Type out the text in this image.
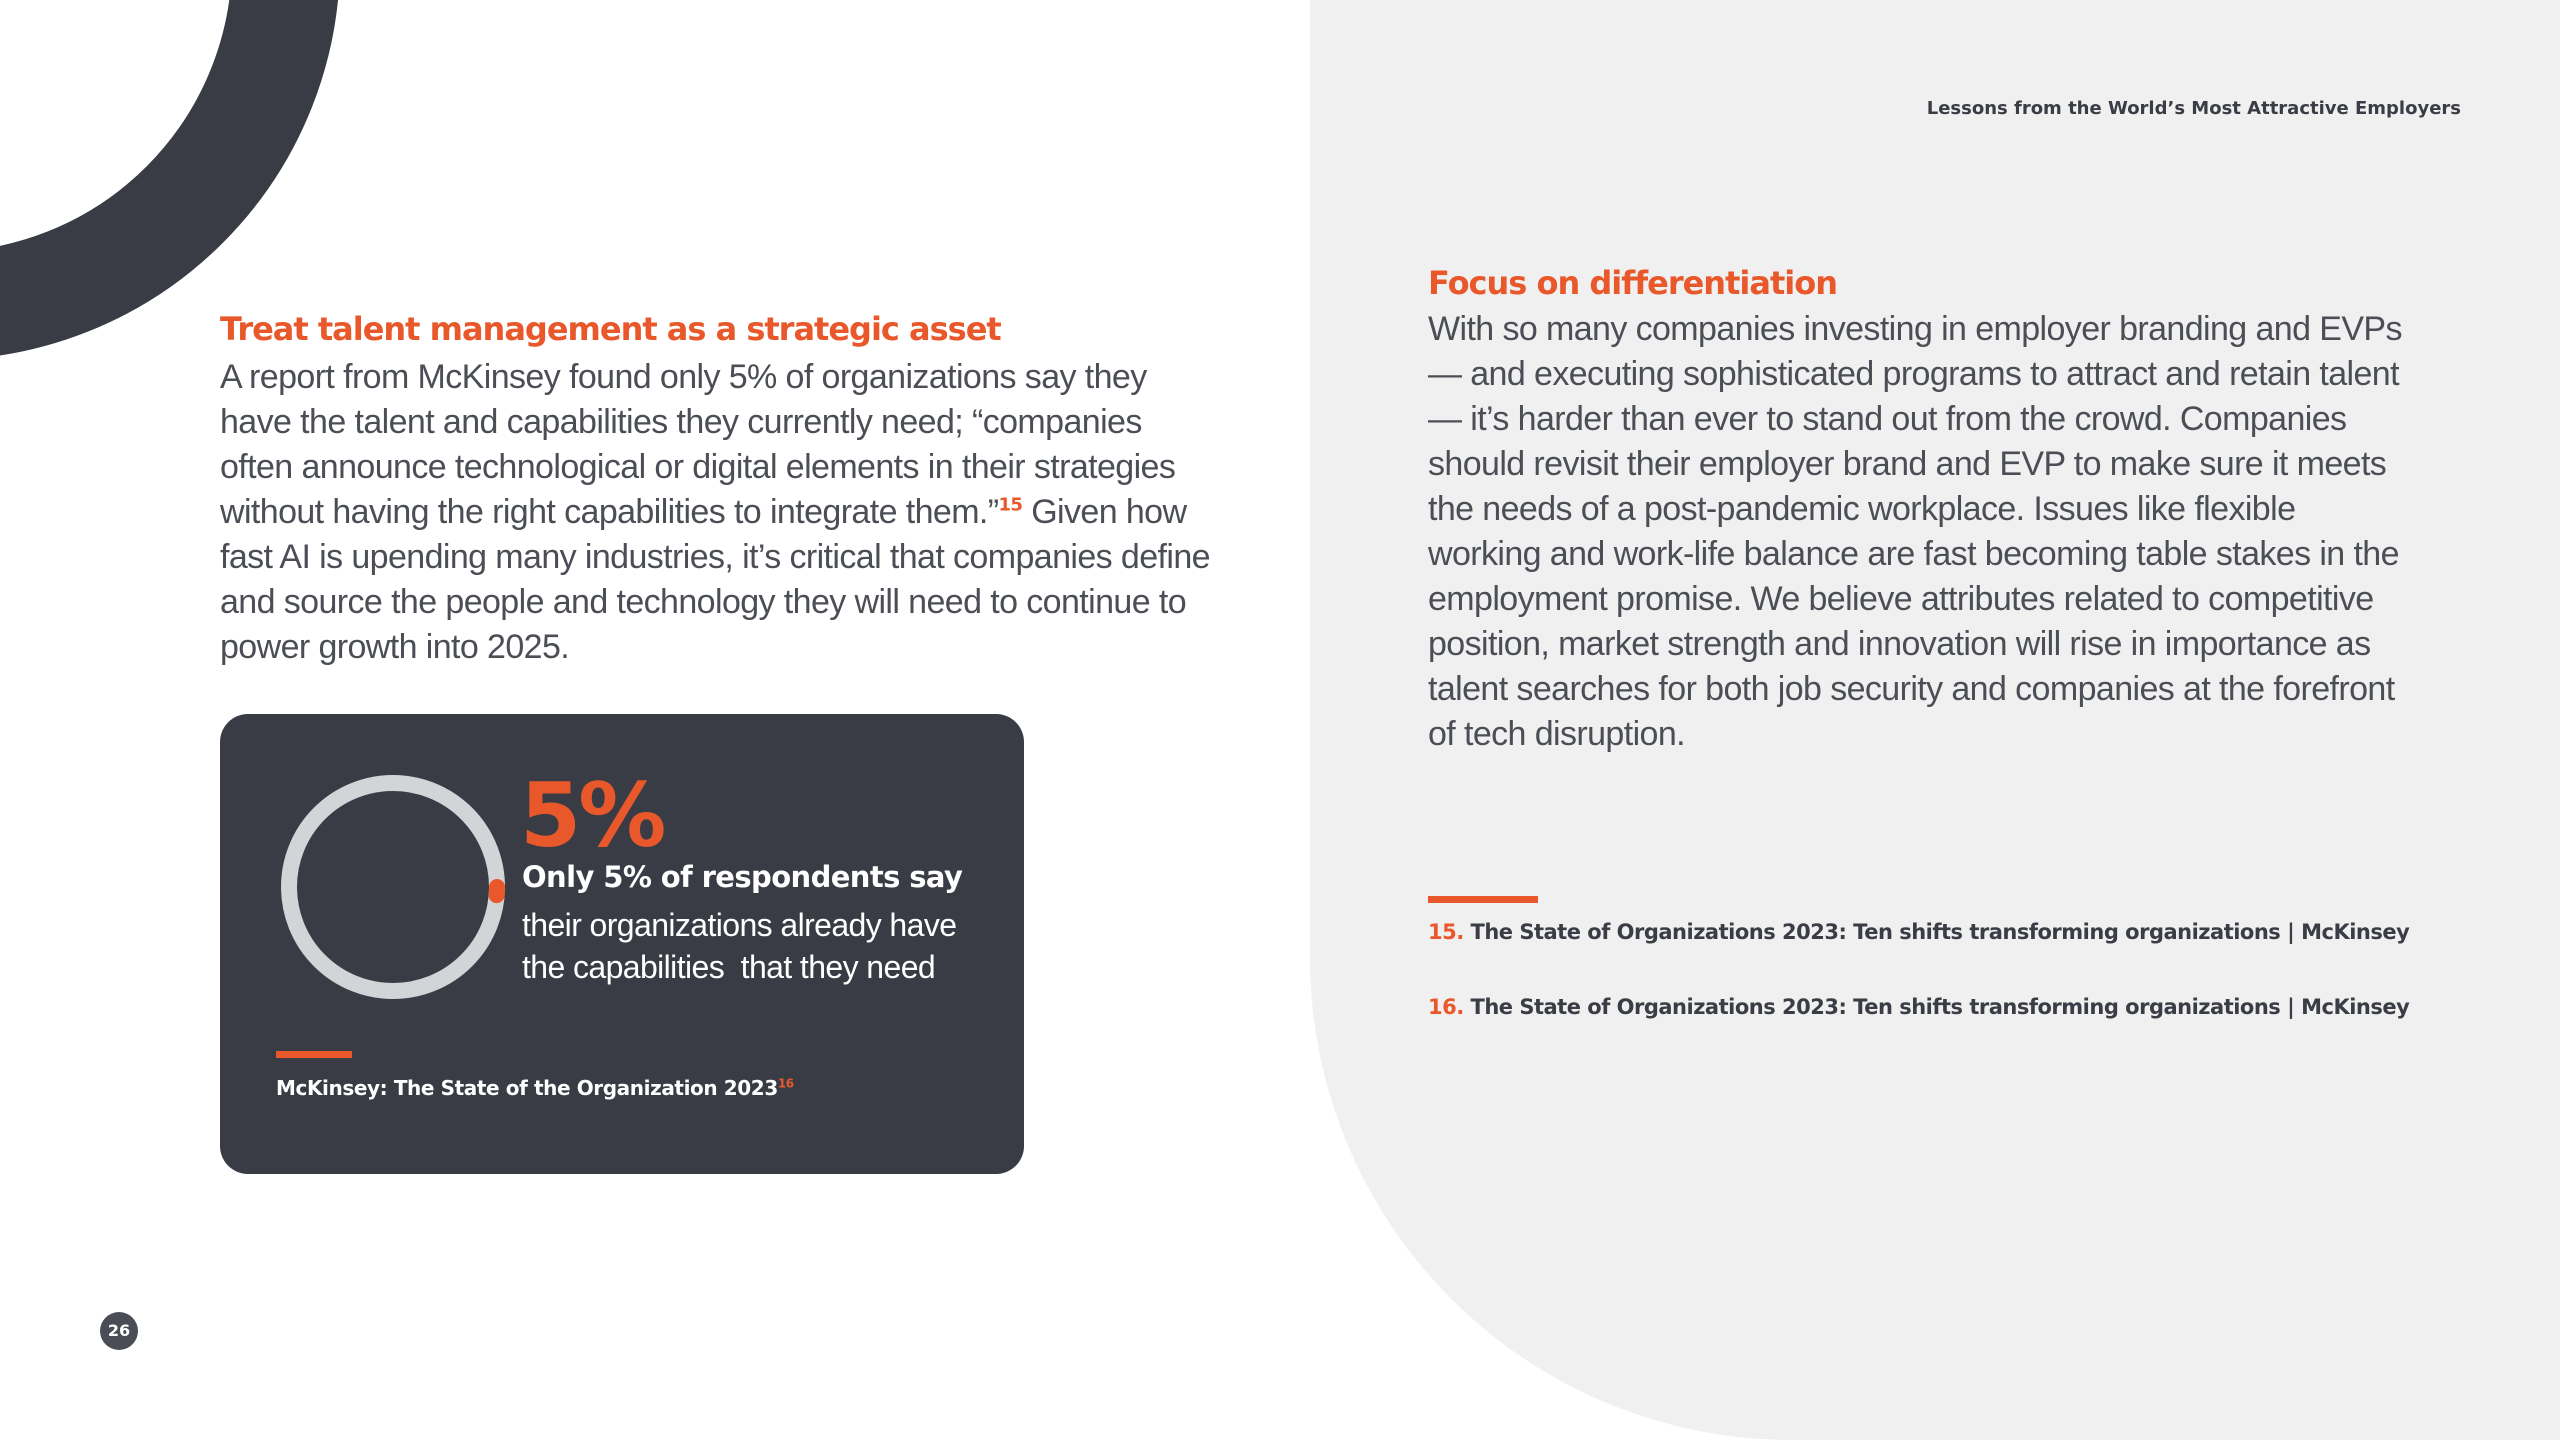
Lessons from the World’s Most Attractive Employers

Treat talent management as a strategic asset
A report from McKinsey found only 5% of organizations say they
have the talent and capabilities they currently need; “companies
often announce technological or digital elements in their strategies
without having the right capabilities to integrate them.”$^{15}$ Given how
fast AI is upending many industries, it’s critical that companies define
and source the people and technology they will need to continue to
power growth into 2025.

5%

Only 5% of respondents say

their organizations already have
the capabilities  that they need

McKinsey: The State of the Organization 2023$^{16}$

Focus on differentiation
With so many companies investing in employer branding and EVPs
— and executing sophisticated programs to attract and retain talent
— it’s harder than ever to stand out from the crowd. Companies
should revisit their employer brand and EVP to make sure it meets
the needs of a post-pandemic workplace. Issues like flexible
working and work-life balance are fast becoming table stakes in the
employment promise. We believe attributes related to competitive
position, market strength and innovation will rise in importance as
talent searches for both job security and companies at the forefront
of tech disruption.

15. The State of Organizations 2023: Ten shifts transforming organizations | McKinsey

16. The State of Organizations 2023: Ten shifts transforming organizations | McKinsey

26
